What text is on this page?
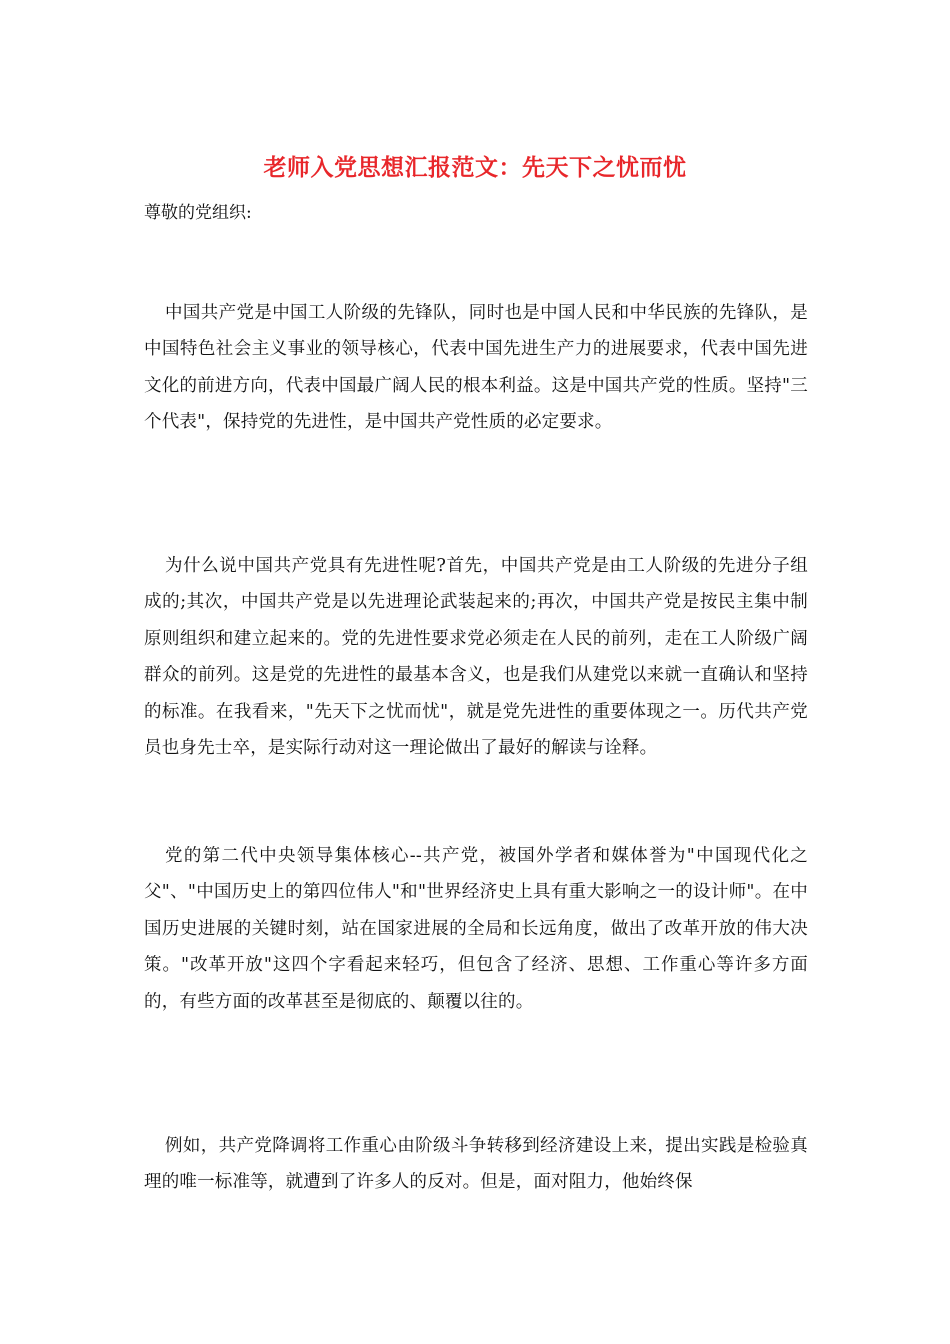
老师入党思想汇报范文：先天下之忧而忧
尊敬的党组织:

中国共产党是中国工人阶级的先锋队，同时也是中国人民和中华民族的先锋队，是中国特色社会主义事业的领导核心，代表中国先进生产力的进展要求，代表中国先进文化的前进方向，代表中国最广阔人民的根本利益。这是中国共产党的性质。坚持"三个代表"，保持党的先进性，是中国共产党性质的必定要求。

为什么说中国共产党具有先进性呢?首先，中国共产党是由工人阶级的先进分子组成的;其次，中国共产党是以先进理论武装起来的;再次，中国共产党是按民主集中制原则组织和建立起来的。党的先进性要求党必须走在人民的前列，走在工人阶级广阔群众的前列。这是党的先进性的最基本含义，也是我们从建党以来就一直确认和坚持的标准。在我看来，"先天下之忧而忧"，就是党先进性的重要体现之一。历代共产党员也身先士卒，是实际行动对这一理论做出了最好的解读与诠释。

党的第二代中央领导集体核心--共产党，被国外学者和媒体誉为"中国现代化之父"、"中国历史上的第四位伟人"和"世界经济史上具有重大影响之一的设计师"。在中国历史进展的关键时刻，站在国家进展的全局和长远角度，做出了改革开放的伟大决策。"改革开放"这四个字看起来轻巧，但包含了经济、思想、工作重心等许多方面的，有些方面的改革甚至是彻底的、颠覆以往的。

例如，共产党降调将工作重心由阶级斗争转移到经济建设上来，提出实践是检验真理的唯一标准等，就遭到了许多人的反对。但是，面对阻力，他始终保
